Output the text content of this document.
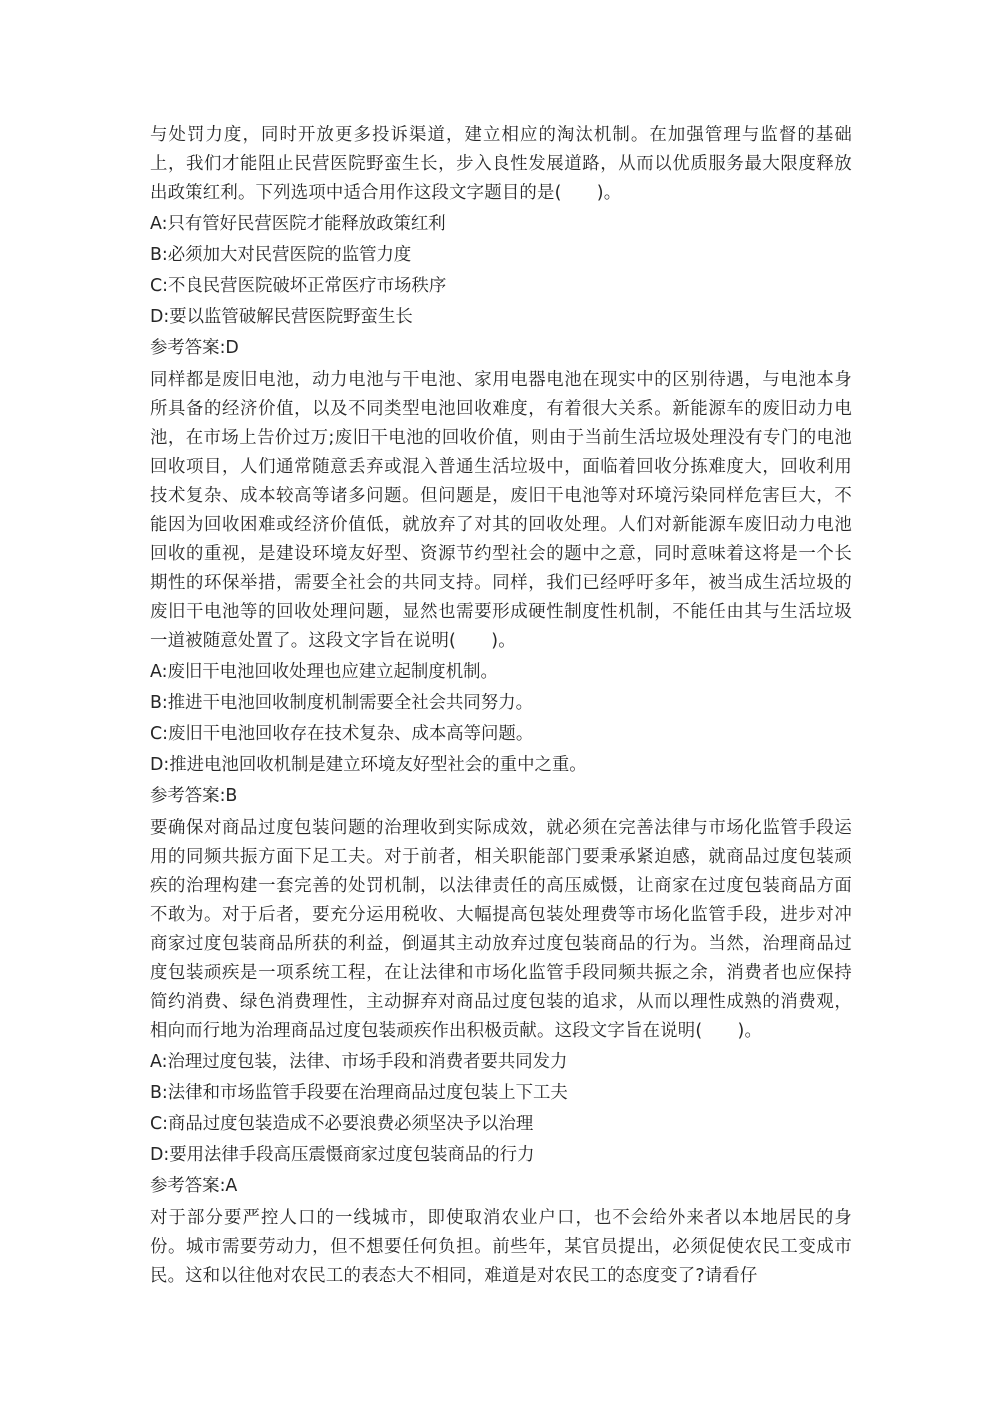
与处罚力度，同时开放更多投诉渠道，建立相应的淘汰机制。在加强管理与监督的基础上，我们才能阻止民营医院野蛮生长，步入良性发展道路，从而以优质服务最大限度释放出政策红利。下列选项中适合用作这段文字题目的是(　　)。

A:只有管好民营医院才能释放政策红利

B:必须加大对民营医院的监管力度

C:不良民营医院破坏正常医疗市场秩序

D:要以监管破解民营医院野蛮生长

参考答案:D

同样都是废旧电池，动力电池与干电池、家用电器电池在现实中的区别待遇，与电池本身所具备的经济价值，以及不同类型电池回收难度，有着很大关系。新能源车的废旧动力电池，在市场上告价过万;废旧干电池的回收价值，则由于当前生活垃圾处理没有专门的电池回收项目，人们通常随意丢弃或混入普通生活垃圾中，面临着回收分拣难度大，回收利用技术复杂、成本较高等诸多问题。但问题是，废旧干电池等对环境污染同样危害巨大，不能因为回收困难或经济价值低，就放弃了对其的回收处理。人们对新能源车废旧动力电池回收的重视，是建设环境友好型、资源节约型社会的题中之意，同时意味着这将是一个长期性的环保举措，需要全社会的共同支持。同样，我们已经呼吁多年，被当成生活垃圾的废旧干电池等的回收处理问题，显然也需要形成硬性制度性机制，不能任由其与生活垃圾一道被随意处置了。这段文字旨在说明(　　)。

A:废旧干电池回收处理也应建立起制度机制。

B:推进干电池回收制度机制需要全社会共同努力。

C:废旧干电池回收存在技术复杂、成本高等问题。

D:推进电池回收机制是建立环境友好型社会的重中之重。

参考答案:B

要确保对商品过度包装问题的治理收到实际成效，就必须在完善法律与市场化监管手段运用的同频共振方面下足工夫。对于前者，相关职能部门要秉承紧迫感，就商品过度包装顽疾的治理构建一套完善的处罚机制，以法律责任的高压威慑，让商家在过度包装商品方面不敢为。对于后者，要充分运用税收、大幅提高包装处理费等市场化监管手段，进步对冲商家过度包装商品所获的利益，倒逼其主动放弃过度包装商品的行为。当然，治理商品过度包装顽疾是一项系统工程，在让法律和市场化监管手段同频共振之余，消费者也应保持简约消费、绿色消费理性，主动摒弃对商品过度包装的追求，从而以理性成熟的消费观，相向而行地为治理商品过度包装顽疾作出积极贡献。这段文字旨在说明(　　)。

A:治理过度包装，法律、市场手段和消费者要共同发力

B:法律和市场监管手段要在治理商品过度包装上下工夫

C:商品过度包装造成不必要浪费必须坚决予以治理

D:要用法律手段高压震慑商家过度包装商品的行力

参考答案:A

对于部分要严控人口的一线城市，即使取消农业户口，也不会给外来者以本地居民的身份。城市需要劳动力，但不想要任何负担。前些年，某官员提出，必须促使农民工变成市民。这和以往他对农民工的表态大不相同，难道是对农民工的态度变了?请看仔
